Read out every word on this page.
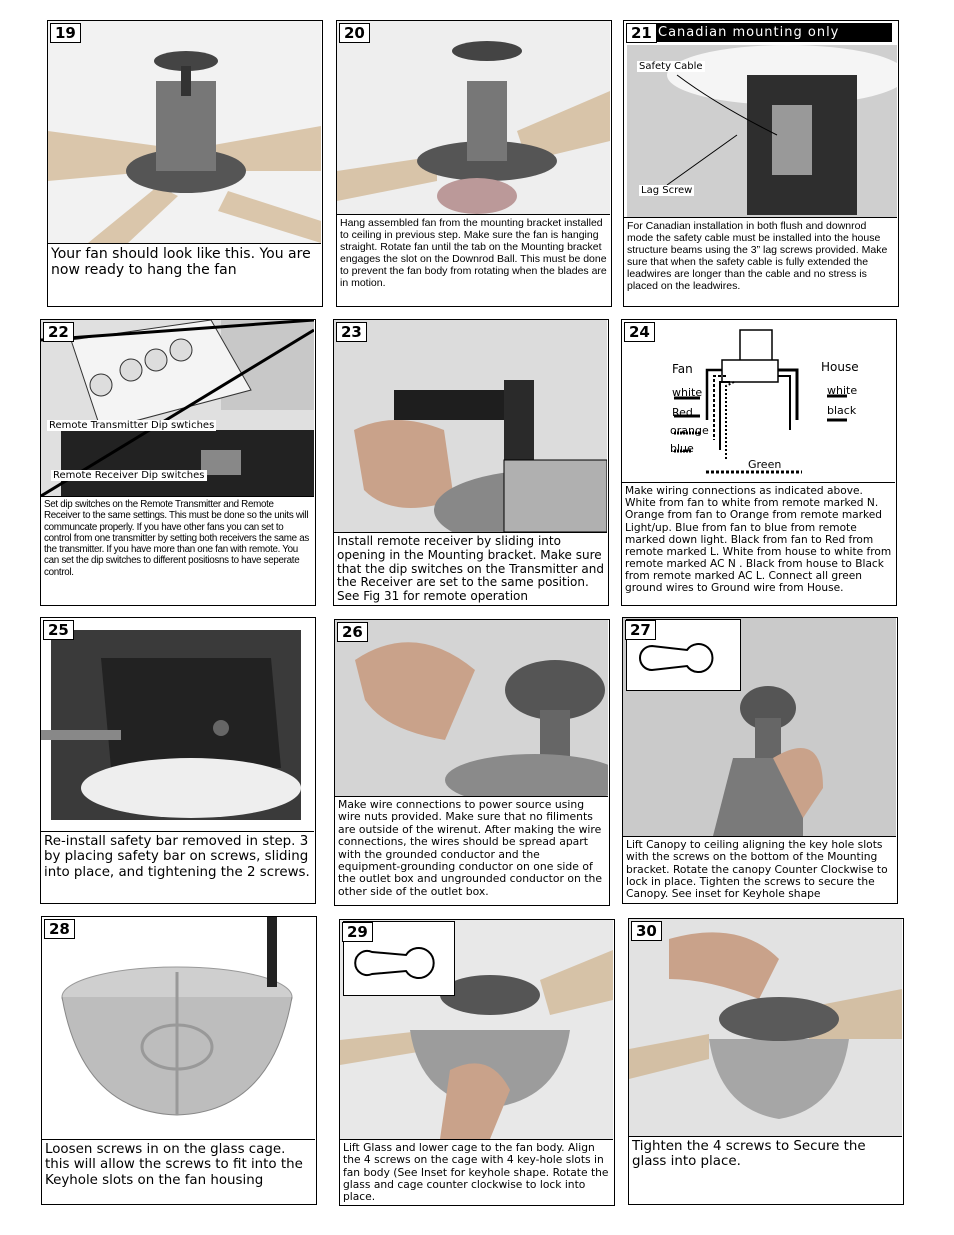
19
Your fan should look like this. You are now ready to hang the fan
20
Hang assembled fan from the mounting bracket installed to ceiling in previous step. Make sure the fan is hanging straight. Rotate fan until the tab on the Mounting bracket engages the slot on the Downrod Ball. This must be done to prevent the fan body from rotating when the blades are in motion.
21 Canadian mounting only
Safety Cable
Lag Screw
For Canadian installation in both flush and downrod mode the safety cable must be installed into the house structure beams using the 3” lag screws provided. Make sure that when the safety cable is fully extended the leadwires are longer than the cable and no stress is placed on the leadwires.
22
Remote Transmitter Dip swtiches
Remote Receiver Dip switches
Set dip switches on the Remote Transmitter and Remote Receiver to the same settings. This must be done so the units will communcate properly. If you have other fans you can set to control from one transmitter by setting both receivers the same as the transmitter. If you have more than one fan with remote. You can set the dip switches to different positiosns to have seperate control.
23
Install remote receiver by sliding into opening in the Mounting bracket. Make sure that the dip switches on the Transmitter and the Receiver are set to the same position. See Fig 31 for remote operation
24
Fan	House
white
Red
orange
blue
white
black
Green
Make wiring connections as indicated above. White from fan to white from remote marked N. Orange from fan to Orange from remote marked Light/up. Blue from fan to blue from remote marked down light. Black from fan to Red from remote marked L. White from house to white from remote marked AC N . Black from house to Black from remote marked AC L. Connect all green ground wires to Ground wire from House.
25
Re-install safety bar removed in step. 3 by placing safety bar on screws, sliding into place, and tightening the 2 screws.
26
Make wire connections to power source using wire nuts provided. Make sure that no filiments are outside of the wirenut. After making the wire connections, the wires should be spread apart with the grounded conductor and the equipment-grounding conductor on one side of the outlet box and ungrounded conductor on the other side of the outlet box.
27
Lift Canopy to ceiling aligning the key hole slots with the screws on the bottom of the Mounting bracket. Rotate the canopy Counter Clockwise to lock in place. Tighten the screws to secure the Canopy. See inset for Keyhole shape
28
Loosen screws in on the glass cage. this will allow the screws to fit into the Keyhole slots on the fan housing
29
Lift Glass and lower cage to the fan body. Align the 4 screws on the cage with 4 key-hole slots in fan body (See Inset for keyhole shape. Rotate the glass and cage counter clockwise to lock into place.
30
Tighten the 4 screws to Secure the glass into place.
